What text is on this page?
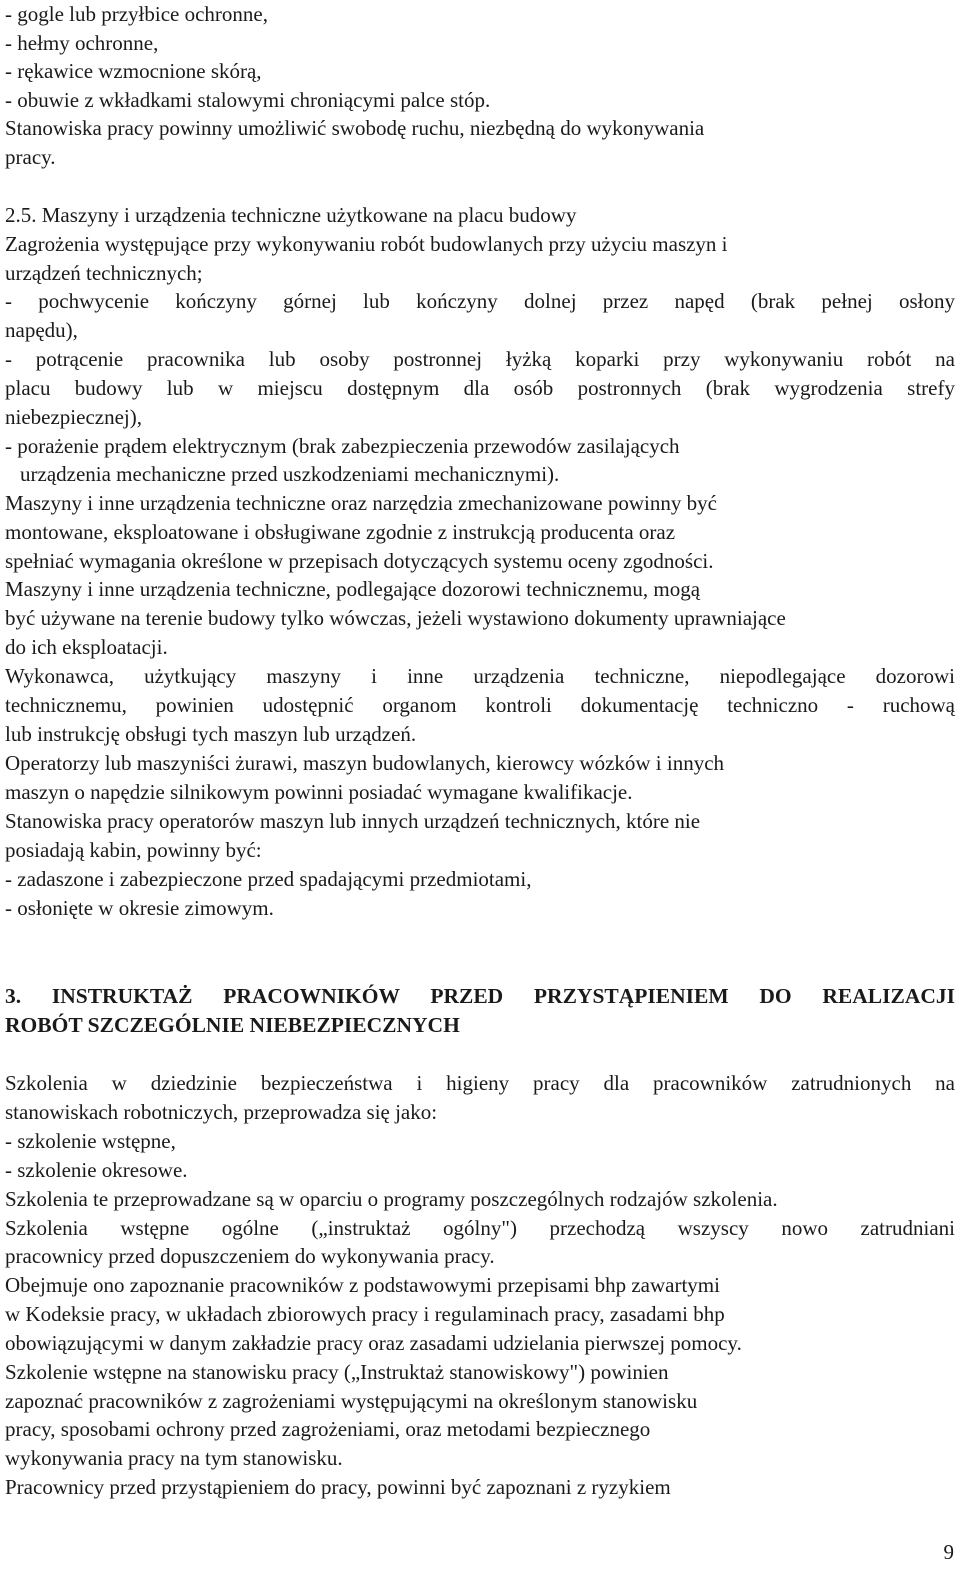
- gogle lub przyłbice ochronne,
- hełmy ochronne,
- rękawice wzmocnione skórą,
- obuwie z wkładkami stalowymi chroniącymi palce stóp.
Stanowiska pracy powinny umożliwić swobodę ruchu, niezbędną do wykonywania
pracy.
2.5. Maszyny i urządzenia techniczne użytkowane na placu budowy
Zagrożenia występujące przy wykonywaniu robót budowlanych przy użyciu maszyn i
urządzeń technicznych;
- pochwycenie kończyny górnej lub kończyny dolnej przez napęd (brak pełnej osłony
napędu),
- potrącenie pracownika lub osoby postronnej łyżką koparki przy wykonywaniu robót na
placu budowy lub w miejscu dostępnym dla osób postronnych (brak wygrodzenia strefy
niebezpiecznej),
- porażenie prądem elektrycznym (brak zabezpieczenia przewodów zasilających
urządzenia mechaniczne przed uszkodzeniami mechanicznymi).
Maszyny i inne urządzenia techniczne oraz narzędzia zmechanizowane powinny być
montowane, eksploatowane i obsługiwane zgodnie z instrukcją producenta oraz
spełniać wymagania określone w przepisach dotyczących systemu oceny zgodności.
Maszyny i inne urządzenia techniczne, podlegające dozorowi technicznemu, mogą
być używane na terenie budowy tylko wówczas, jeżeli wystawiono dokumenty uprawniające
do ich eksploatacji.
Wykonawca, użytkujący maszyny i inne urządzenia techniczne, niepodlegające dozorowi
technicznemu, powinien udostępnić organom kontroli dokumentację techniczno - ruchową
lub instrukcję obsługi tych maszyn lub urządzeń.
Operatorzy lub maszyniści żurawi, maszyn budowlanych, kierowcy wózków i innych
maszyn o napędzie silnikowym powinni posiadać wymagane kwalifikacje.
Stanowiska pracy operatorów maszyn lub innych urządzeń technicznych, które nie
posiadają kabin, powinny być:
- zadaszone i zabezpieczone przed spadającymi przedmiotami,
- osłonięte w okresie zimowym.
3. INSTRUKTAŻ PRACOWNIKÓW PRZED PRZYSTĄPIENIEM DO REALIZACJI
ROBÓT SZCZEGÓLNIE NIEBEZPIECZNYCH
Szkolenia w dziedzinie bezpieczeństwa i higieny pracy dla pracowników zatrudnionych na
stanowiskach robotniczych, przeprowadza się jako:
- szkolenie wstępne,
- szkolenie okresowe.
Szkolenia te przeprowadzane są w oparciu o programy poszczególnych rodzajów szkolenia.
Szkolenia wstępne ogólne („instruktaż ogólny") przechodzą wszyscy nowo zatrudniani
pracownicy przed dopuszczeniem do wykonywania pracy.
Obejmuje ono zapoznanie pracowników z podstawowymi przepisami bhp zawartymi
w Kodeksie pracy, w układach zbiorowych pracy i regulaminach pracy, zasadami bhp
obowiązującymi w danym zakładzie pracy oraz zasadami udzielania pierwszej pomocy.
Szkolenie wstępne na stanowisku pracy („Instruktaż stanowiskowy") powinien
zapoznać pracowników z zagrożeniami występującymi na określonym stanowisku
pracy, sposobami ochrony przed zagrożeniami, oraz metodami bezpiecznego
wykonywania pracy na tym stanowisku.
Pracownicy przed przystąpieniem do pracy, powinni być zapoznani z ryzykiem
9
